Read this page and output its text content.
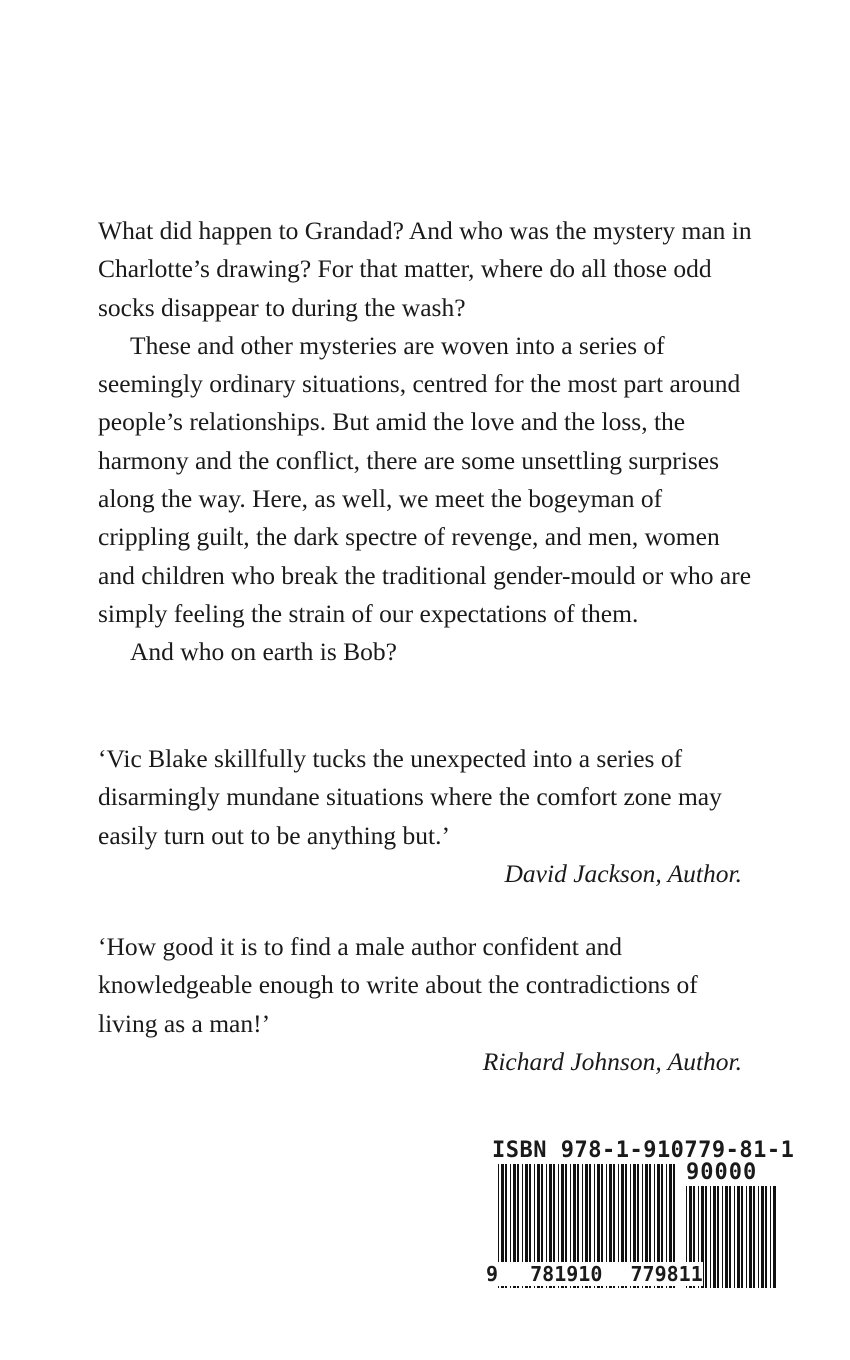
What did happen to Grandad? And who was the mystery man in Charlotte’s drawing? For that matter, where do all those odd socks disappear to during the wash?

These and other mysteries are woven into a series of seemingly ordinary situations, centred for the most part around people’s relationships. But amid the love and the loss, the harmony and the conflict, there are some unsettling surprises along the way. Here, as well, we meet the bogeyman of crippling guilt, the dark spectre of revenge, and men, women and children who break the traditional gender-mould or who are simply feeling the strain of our expectations of them.

And who on earth is Bob?

‘Vic Blake skillfully tucks the unexpected into a series of disarmingly mundane situations where the comfort zone may easily turn out to be anything but.’

David Jackson, Author.

‘How good it is to find a male author confident and knowledgeable enough to write about the contradictions of living as a man!’

Richard Johnson, Author.

ISBN 978-1-910779-81-1
90000
9 781910 779811
